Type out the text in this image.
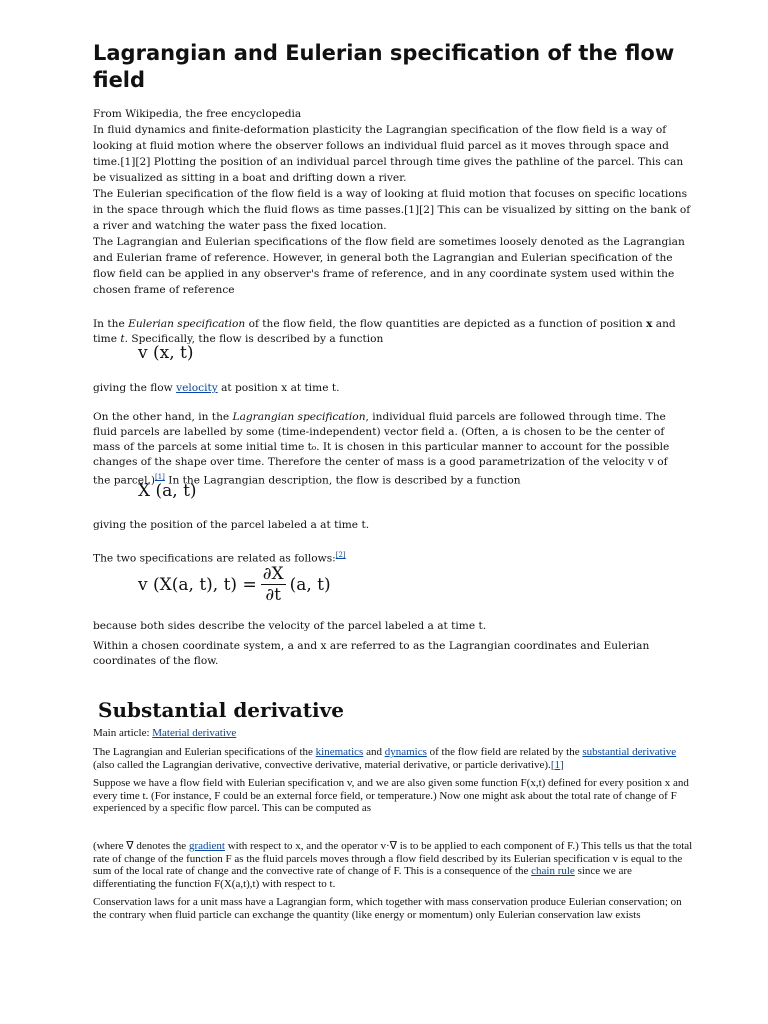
Lagrangian and Eulerian specification of the flow field

From Wikipedia, the free encyclopedia

In fluid dynamics and finite-deformation plasticity the Lagrangian specification of the flow field is a way of looking at fluid motion where the observer follows an individual fluid parcel as it moves through space and time.[1][2] Plotting the position of an individual parcel through time gives the pathline of the parcel. This can be visualized as sitting in a boat and drifting down a river.

The Eulerian specification of the flow field is a way of looking at fluid motion that focuses on specific locations in the space through which the fluid flows as time passes.[1][2] This can be visualized by sitting on the bank of a river and watching the water pass the fixed location.

The Lagrangian and Eulerian specifications of the flow field are sometimes loosely denoted as the Lagrangian and Eulerian frame of reference. However, in general both the Lagrangian and Eulerian specification of the flow field can be applied in any observer's frame of reference, and in any coordinate system used within the chosen frame of reference

In the Eulerian specification of the flow field, the flow quantities are depicted as a function of position x and time t. Specifically, the flow is described by a function

v (x, t)

giving the flow velocity at position x at time t.

On the other hand, in the Lagrangian specification, individual fluid parcels are followed through time. The fluid parcels are labelled by some (time-independent) vector field a. (Often, a is chosen to be the center of mass of the parcels at some initial time t₀. It is chosen in this particular manner to account for the possible changes of the shape over time. Therefore the center of mass is a good parametrization of the velocity v of the parcel.)[1] In the Lagrangian description, the flow is described by a function

X (a, t)

giving the position of the parcel labeled a at time t.

The two specifications are related as follows:[2]

v (X(a, t), $t) = \frac{\partial X}{\partial t} (a$, t)

because both sides describe the velocity of the parcel labeled a at time t.

Within a chosen coordinate system, a and x are referred to as the Lagrangian coordinates and Eulerian coordinates of the flow.

Substantial derivative

Main article: Material derivative

The Lagrangian and Eulerian specifications of the kinematics and dynamics of the flow field are related by the substantial derivative (also called the Lagrangian derivative, convective derivative, material derivative, or particle derivative).[1]

Suppose we have a flow field with Eulerian specification v, and we are also given some function F(x,t) defined for every position x and every time t. (For instance, F could be an external force field, or temperature.) Now one might ask about the total rate of change of F experienced by a specific flow parcel. This can be computed as

(where ∇ denotes the gradient with respect to x, and the operator v·∇ is to be applied to each component of F.) This tells us that the total rate of change of the function F as the fluid parcels moves through a flow field described by its Eulerian specification v is equal to the sum of the local rate of change and the convective rate of change of F. This is a consequence of the chain rule since we are differentiating the function F(X(a,t),t) with respect to t.

Conservation laws for a unit mass have a Lagrangian form, which together with mass conservation produce Eulerian conservation; on the contrary when fluid particle can exchange the quantity (like energy or momentum) only Eulerian conservation law exists
